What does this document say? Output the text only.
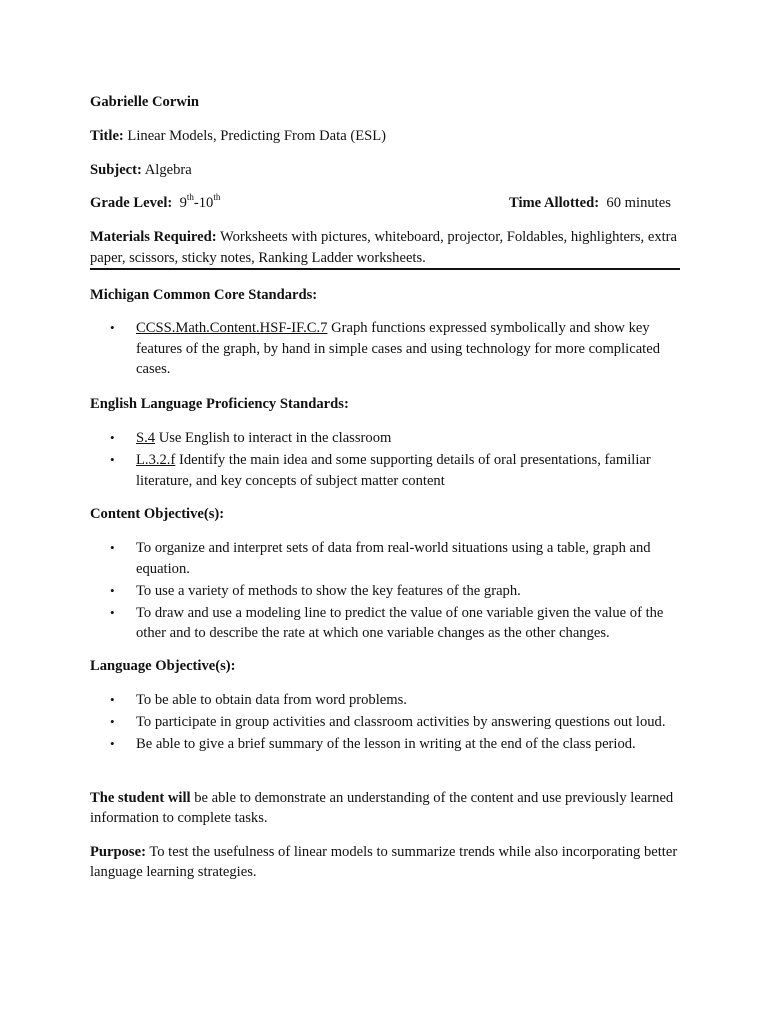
Gabrielle Corwin
Title: Linear Models, Predicting From Data (ESL)
Subject: Algebra
Grade Level: 9th-10th	Time Allotted: 60 minutes
Materials Required: Worksheets with pictures, whiteboard, projector, Foldables, highlighters, extra paper, scissors, sticky notes, Ranking Ladder worksheets.
Michigan Common Core Standards:
• CCSS.Math.Content.HSF-IF.C.7 Graph functions expressed symbolically and show key features of the graph, by hand in simple cases and using technology for more complicated cases.
English Language Proficiency Standards:
• S.4 Use English to interact in the classroom
• L.3.2.f Identify the main idea and some supporting details of oral presentations, familiar literature, and key concepts of subject matter content
Content Objective(s):
• To organize and interpret sets of data from real-world situations using a table, graph and equation.
• To use a variety of methods to show the key features of the graph.
• To draw and use a modeling line to predict the value of one variable given the value of the other and to describe the rate at which one variable changes as the other changes.
Language Objective(s):
• To be able to obtain data from word problems.
• To participate in group activities and classroom activities by answering questions out loud.
• Be able to give a brief summary of the lesson in writing at the end of the class period.
The student will be able to demonstrate an understanding of the content and use previously learned information to complete tasks.
Purpose: To test the usefulness of linear models to summarize trends while also incorporating better language learning strategies.
